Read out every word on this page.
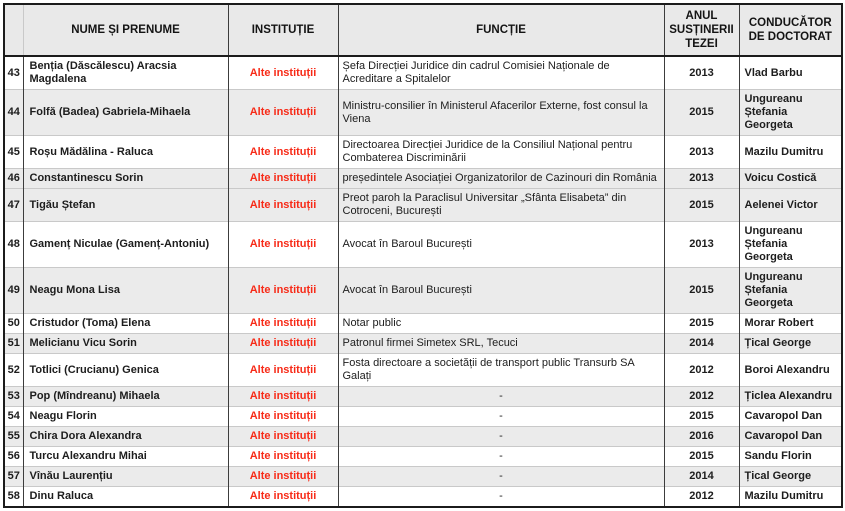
	NUME ȘI PRENUME	INSTITUȚIE	FUNCȚIE	ANUL SUSȚINERII TEZEI	CONDUCĂTOR DE DOCTORAT
43	Benția (Dăscălescu) Aracsia Magdalena	Alte instituții	Șefa Direcției Juridice din cadrul Comisiei Naționale de Acreditare a Spitalelor	2013	Vlad Barbu
44	Folfă (Badea) Gabriela-Mihaela	Alte instituții	Ministru-consilier în Ministerul Afacerilor Externe, fost consul la Viena	2015	Ungureanu Ștefania Georgeta
45	Roșu Mădălina - Raluca	Alte instituții	Directoarea Direcției Juridice de la Consiliul Național pentru Combaterea Discriminării	2013	Mazilu Dumitru
46	Constantinescu Sorin	Alte instituții	președintele Asociației Organizatorilor de Cazinouri din România	2013	Voicu Costică
47	Tigău Ștefan	Alte instituții	Preot paroh la Paraclisul Universitar „Sfânta Elisabeta” din Cotroceni, București	2015	Aelenei Victor
48	Gamenț Niculae (Gamenț-Antoniu)	Alte instituții	Avocat în Baroul București	2013	Ungureanu Ștefania Georgeta
49	Neagu Mona Lisa	Alte instituții	Avocat în Baroul București	2015	Ungureanu Ștefania Georgeta
50	Cristudor (Toma) Elena	Alte instituții	Notar public	2015	Morar Robert
51	Melicianu Vicu Sorin	Alte instituții	Patronul firmei Simetex SRL, Tecuci	2014	Țical George
52	Totlici (Crucianu) Genica	Alte instituții	Fosta directoare a societății de transport public Transurb SA Galați	2012	Boroi Alexandru
53	Pop (Mîndreanu) Mihaela	Alte instituții	-	2012	Țiclea Alexandru
54	Neagu Florin	Alte instituții	-	2015	Cavaropol Dan
55	Chira Dora Alexandra	Alte instituții	-	2016	Cavaropol Dan
56	Turcu Alexandru Mihai	Alte instituții	-	2015	Sandu Florin
57	Vînău Laurențiu	Alte instituții	-	2014	Țical George
58	Dinu Raluca	Alte instituții	-	2012	Mazilu Dumitru
